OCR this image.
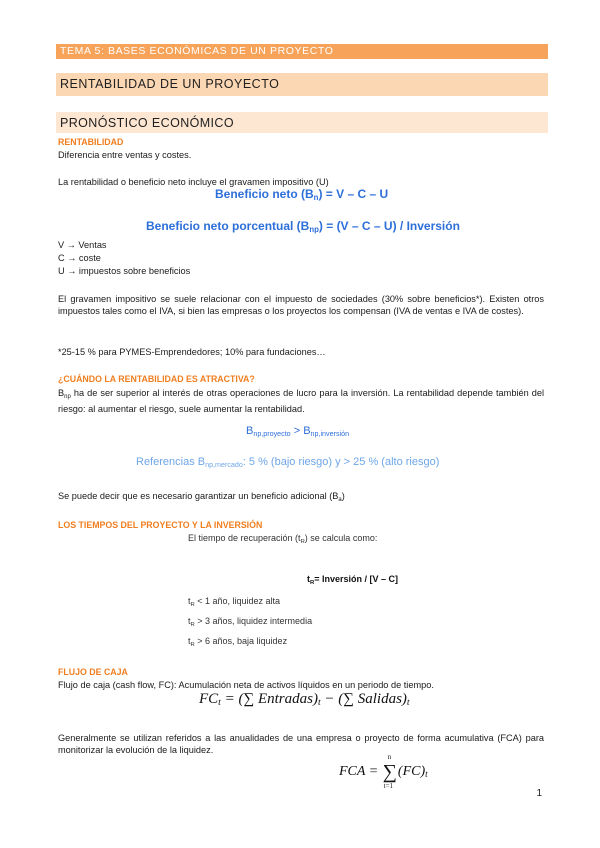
TEMA 5: BASES ECONÓMICAS DE UN PROYECTO
RENTABILIDAD DE UN PROYECTO
PRONÓSTICO ECONÓMICO
RENTABILIDAD
Diferencia entre ventas y costes.
La rentabilidad o beneficio neto incluye el gravamen impositivo (U)
Beneficio neto $(B_n) = V - C - U$
Beneficio neto porcentual $(B_{np}) = (V - C - U)$ / Inversión
V → Ventas
C → coste
U → impuestos sobre beneficios
El gravamen impositivo se suele relacionar con el impuesto de sociedades (30% sobre beneficios*). Existen otros impuestos tales como el IVA, si bien las empresas o los proyectos los compensan (IVA de ventas e IVA de costes).
*25-15 % para PYMES-Emprendedores; 10% para fundaciones…
¿CUÁNDO LA RENTABILIDAD ES ATRACTIVA?
$B_{np}$ ha de ser superior al interés de otras operaciones de lucro para la inversión. La rentabilidad depende también del riesgo: al aumentar el riesgo, suele aumentar la rentabilidad.
$B_{np,proyecto} > B_{np,inversión}$
Referencias $B_{np,mercado}$: 5 % (bajo riesgo) y > 25 % (alto riesgo)
Se puede decir que es necesario garantizar un beneficio adicional $(B_a)$
LOS TIEMPOS DEL PROYECTO Y LA INVERSIÓN
El tiempo de recuperación $(t_R)$ se calcula como:
$t_R=$ Inversión / [V – C]
$t_R < 1$ año, liquidez alta
$t_R > 3$ años, liquidez intermedia
$t_R > 6$ años, baja liquidez
FLUJO DE CAJA
Flujo de caja (cash flow, FC): Acumulación neta de activos líquidos en un periodo de tiempo.
$FC_t$ = (∑ $Entradas)_t$ − (∑ $Salidas)_t$
Generalmente se utilizan referidos a las anualidades de una empresa o proyecto de forma acumulativa (FCA) para monitorizar la evolución de la liquidez.
FCA = ∑
n
t=1
$(FC)_t$
1
